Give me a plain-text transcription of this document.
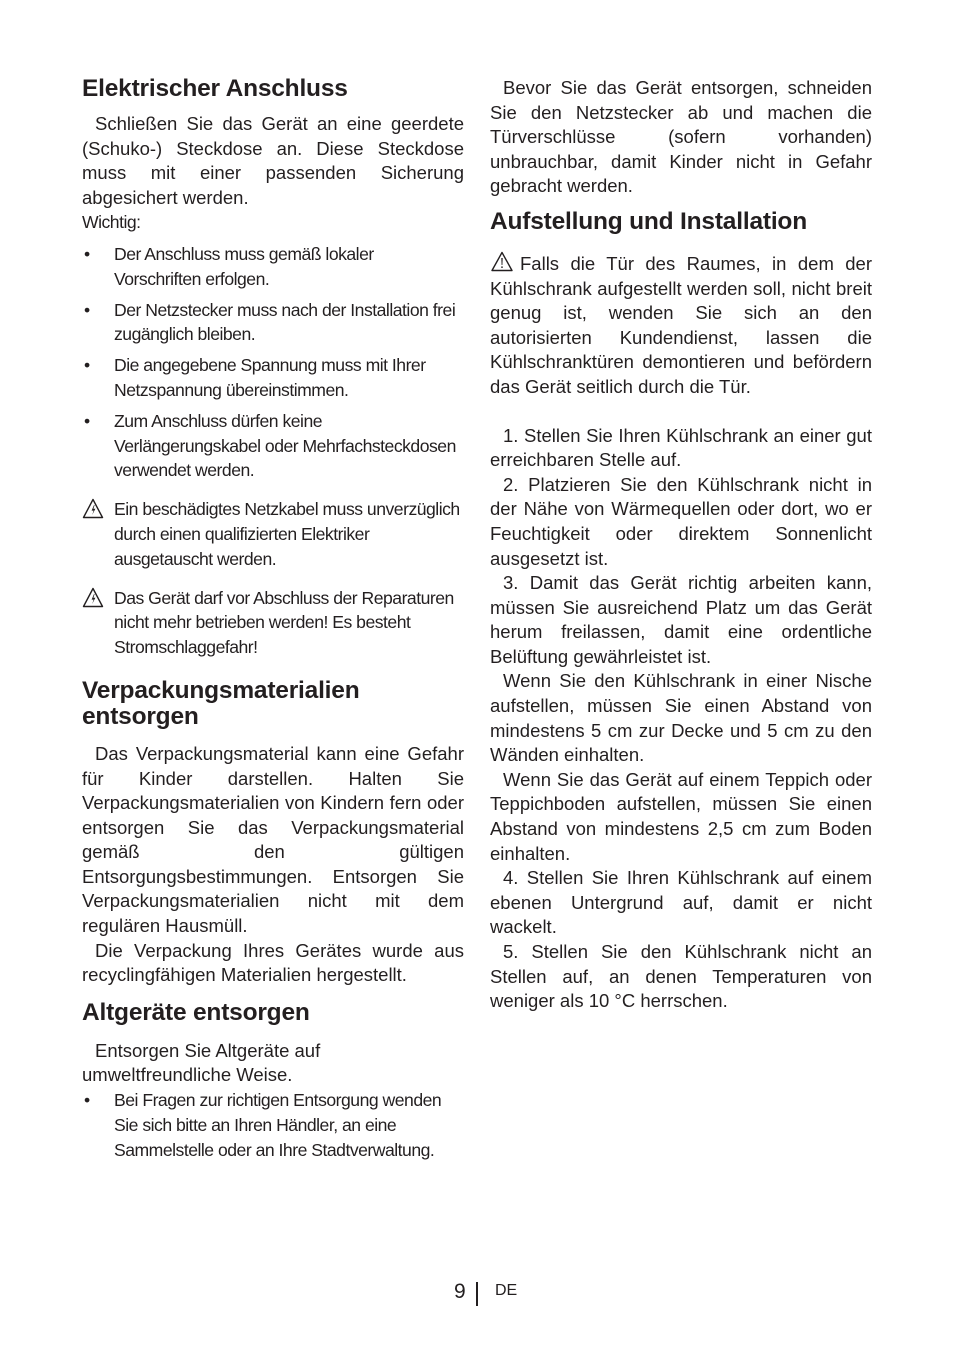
Elektrischer Anschluss

Schließen Sie das Gerät an eine geerdete (Schuko-) Steckdose an. Diese Steckdose muss mit einer passenden Sicherung abgesichert werden.

Wichtig:

• Der Anschluss muss gemäß lokaler Vorschriften erfolgen.
• Der Netzstecker muss nach der Installation frei zugänglich bleiben.
• Die angegebene Spannung muss mit Ihrer Netzspannung übereinstimmen.
• Zum Anschluss dürfen keine Verlängerungskabel oder Mehrfachsteckdosen verwendet werden.
Ein beschädigtes Netzkabel muss unverzüglich durch einen qualifizierten Elektriker ausgetauscht werden.
Das Gerät darf vor Abschluss der Reparaturen nicht mehr betrieben werden! Es besteht Stromschlaggefahr!
Verpackungsmaterialien entsorgen

Das Verpackungsmaterial kann eine Gefahr für Kinder darstellen. Halten Sie Verpackungsmaterialien von Kindern fern oder entsorgen Sie das Verpackungsmaterial gemäß den gültigen Entsorgungsbestimmungen. Entsorgen Sie Verpackungsmaterialien nicht mit dem regulären Hausmüll.

Die Verpackung Ihres Gerätes wurde aus recyclingfähigen Materialien hergestellt.

Altgeräte entsorgen

Entsorgen Sie Altgeräte auf umweltfreundliche Weise.

• Bei Fragen zur richtigen Entsorgung wenden Sie sich bitte an Ihren Händler, an eine Sammelstelle oder an Ihre Stadtverwaltung.

Bevor Sie das Gerät entsorgen, schneiden Sie den Netzstecker ab und machen die Türverschlüsse (sofern vorhanden) unbrauchbar, damit Kinder nicht in Gefahr gebracht werden.

Aufstellung und Installation

Falls die Tür des Raumes, in dem der Kühlschrank aufgestellt werden soll, nicht breit genug ist, wenden Sie sich an den autorisierten Kundendienst, lassen die Kühlschranktüren demontieren und befördern das Gerät seitlich durch die Tür.

1. Stellen Sie Ihren Kühlschrank an einer gut erreichbaren Stelle auf.

2. Platzieren Sie den Kühlschrank nicht in der Nähe von Wärmequellen oder dort, wo er Feuchtigkeit oder direktem Sonnenlicht ausgesetzt ist.

3. Damit das Gerät richtig arbeiten kann, müssen Sie ausreichend Platz um das Gerät herum freilassen, damit eine ordentliche Belüftung gewährleistet ist.

Wenn Sie den Kühlschrank in einer Nische aufstellen, müssen Sie einen Abstand von mindestens 5 cm zur Decke und 5 cm zu den Wänden einhalten.

Wenn Sie das Gerät auf einem Teppich oder Teppichboden aufstellen, müssen Sie einen Abstand von mindestens 2,5 cm zum Boden einhalten.

4. Stellen Sie Ihren Kühlschrank auf einem ebenen Untergrund auf, damit er nicht wackelt.

5. Stellen Sie den Kühlschrank nicht an Stellen auf, an denen Temperaturen von weniger als 10 °C herrschen.

9 DE
